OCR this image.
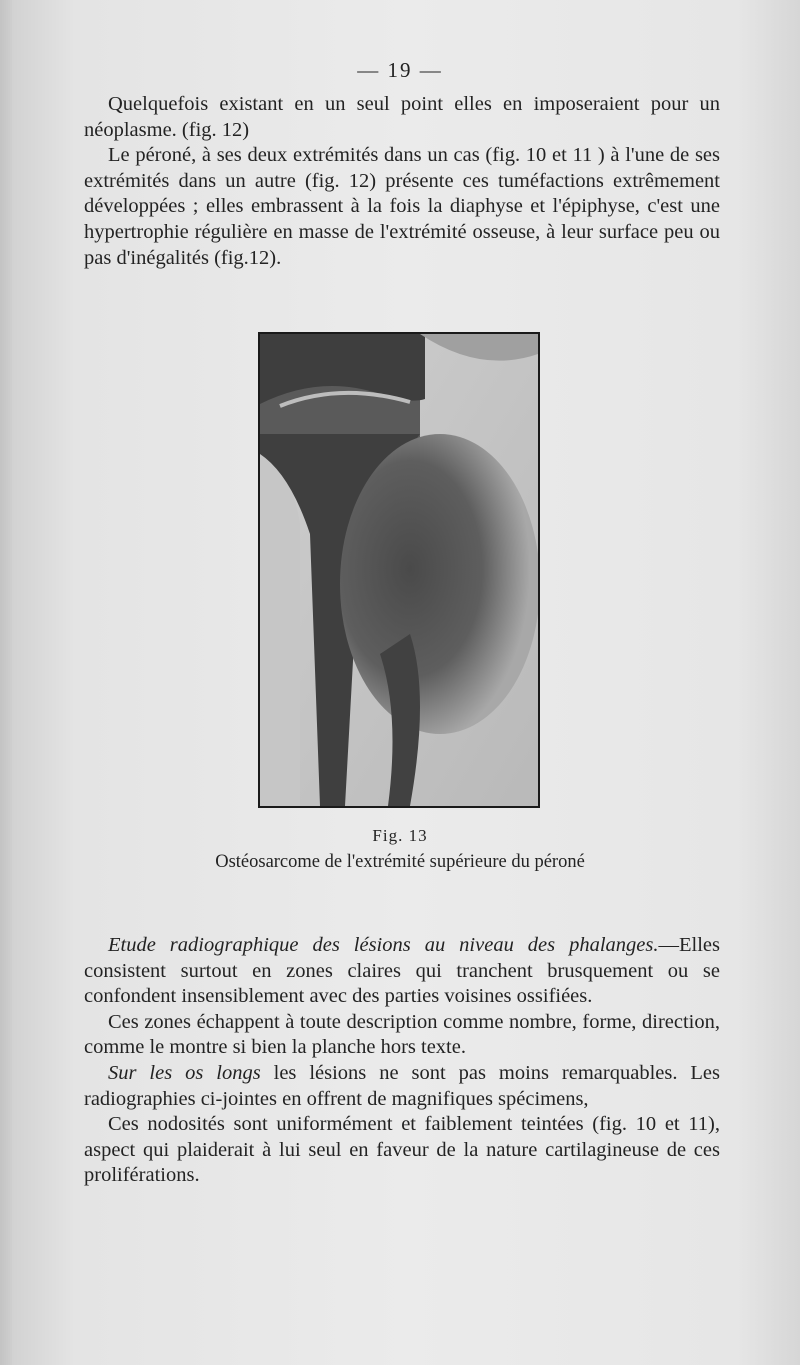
— 19 —

Quelquefois existant en un seul point elles en imposeraient pour un néoplasme. (fig. 12)

Le péroné, à ses deux extrémités dans un cas (fig. 10 et 11 ) à l'une de ses extrémités dans un autre (fig. 12) présente ces tuméfactions extrêmement développées ; elles embrassent à la fois la diaphyse et l'épiphyse, c'est une hypertrophie régulière en masse de l'extrémité osseuse, à leur surface peu ou pas d'inégalités (fig.12).

Fig. 13
Ostéosarcome de l'extrémité supérieure du péroné

Etude radiographique des lésions au niveau des phalanges.—Elles consistent surtout en zones claires qui tranchent brusquement ou se confondent insensiblement avec des parties voisines ossifiées.

Ces zones échappent à toute description comme nombre, forme, direction, comme le montre si bien la planche hors texte.

Sur les os longs les lésions ne sont pas moins remarquables. Les radiographies ci-jointes en offrent de magnifiques spécimens,

Ces nodosités sont uniformément et faiblement teintées (fig. 10 et 11), aspect qui plaiderait à lui seul en faveur de la nature cartilagineuse de ces proliférations.
